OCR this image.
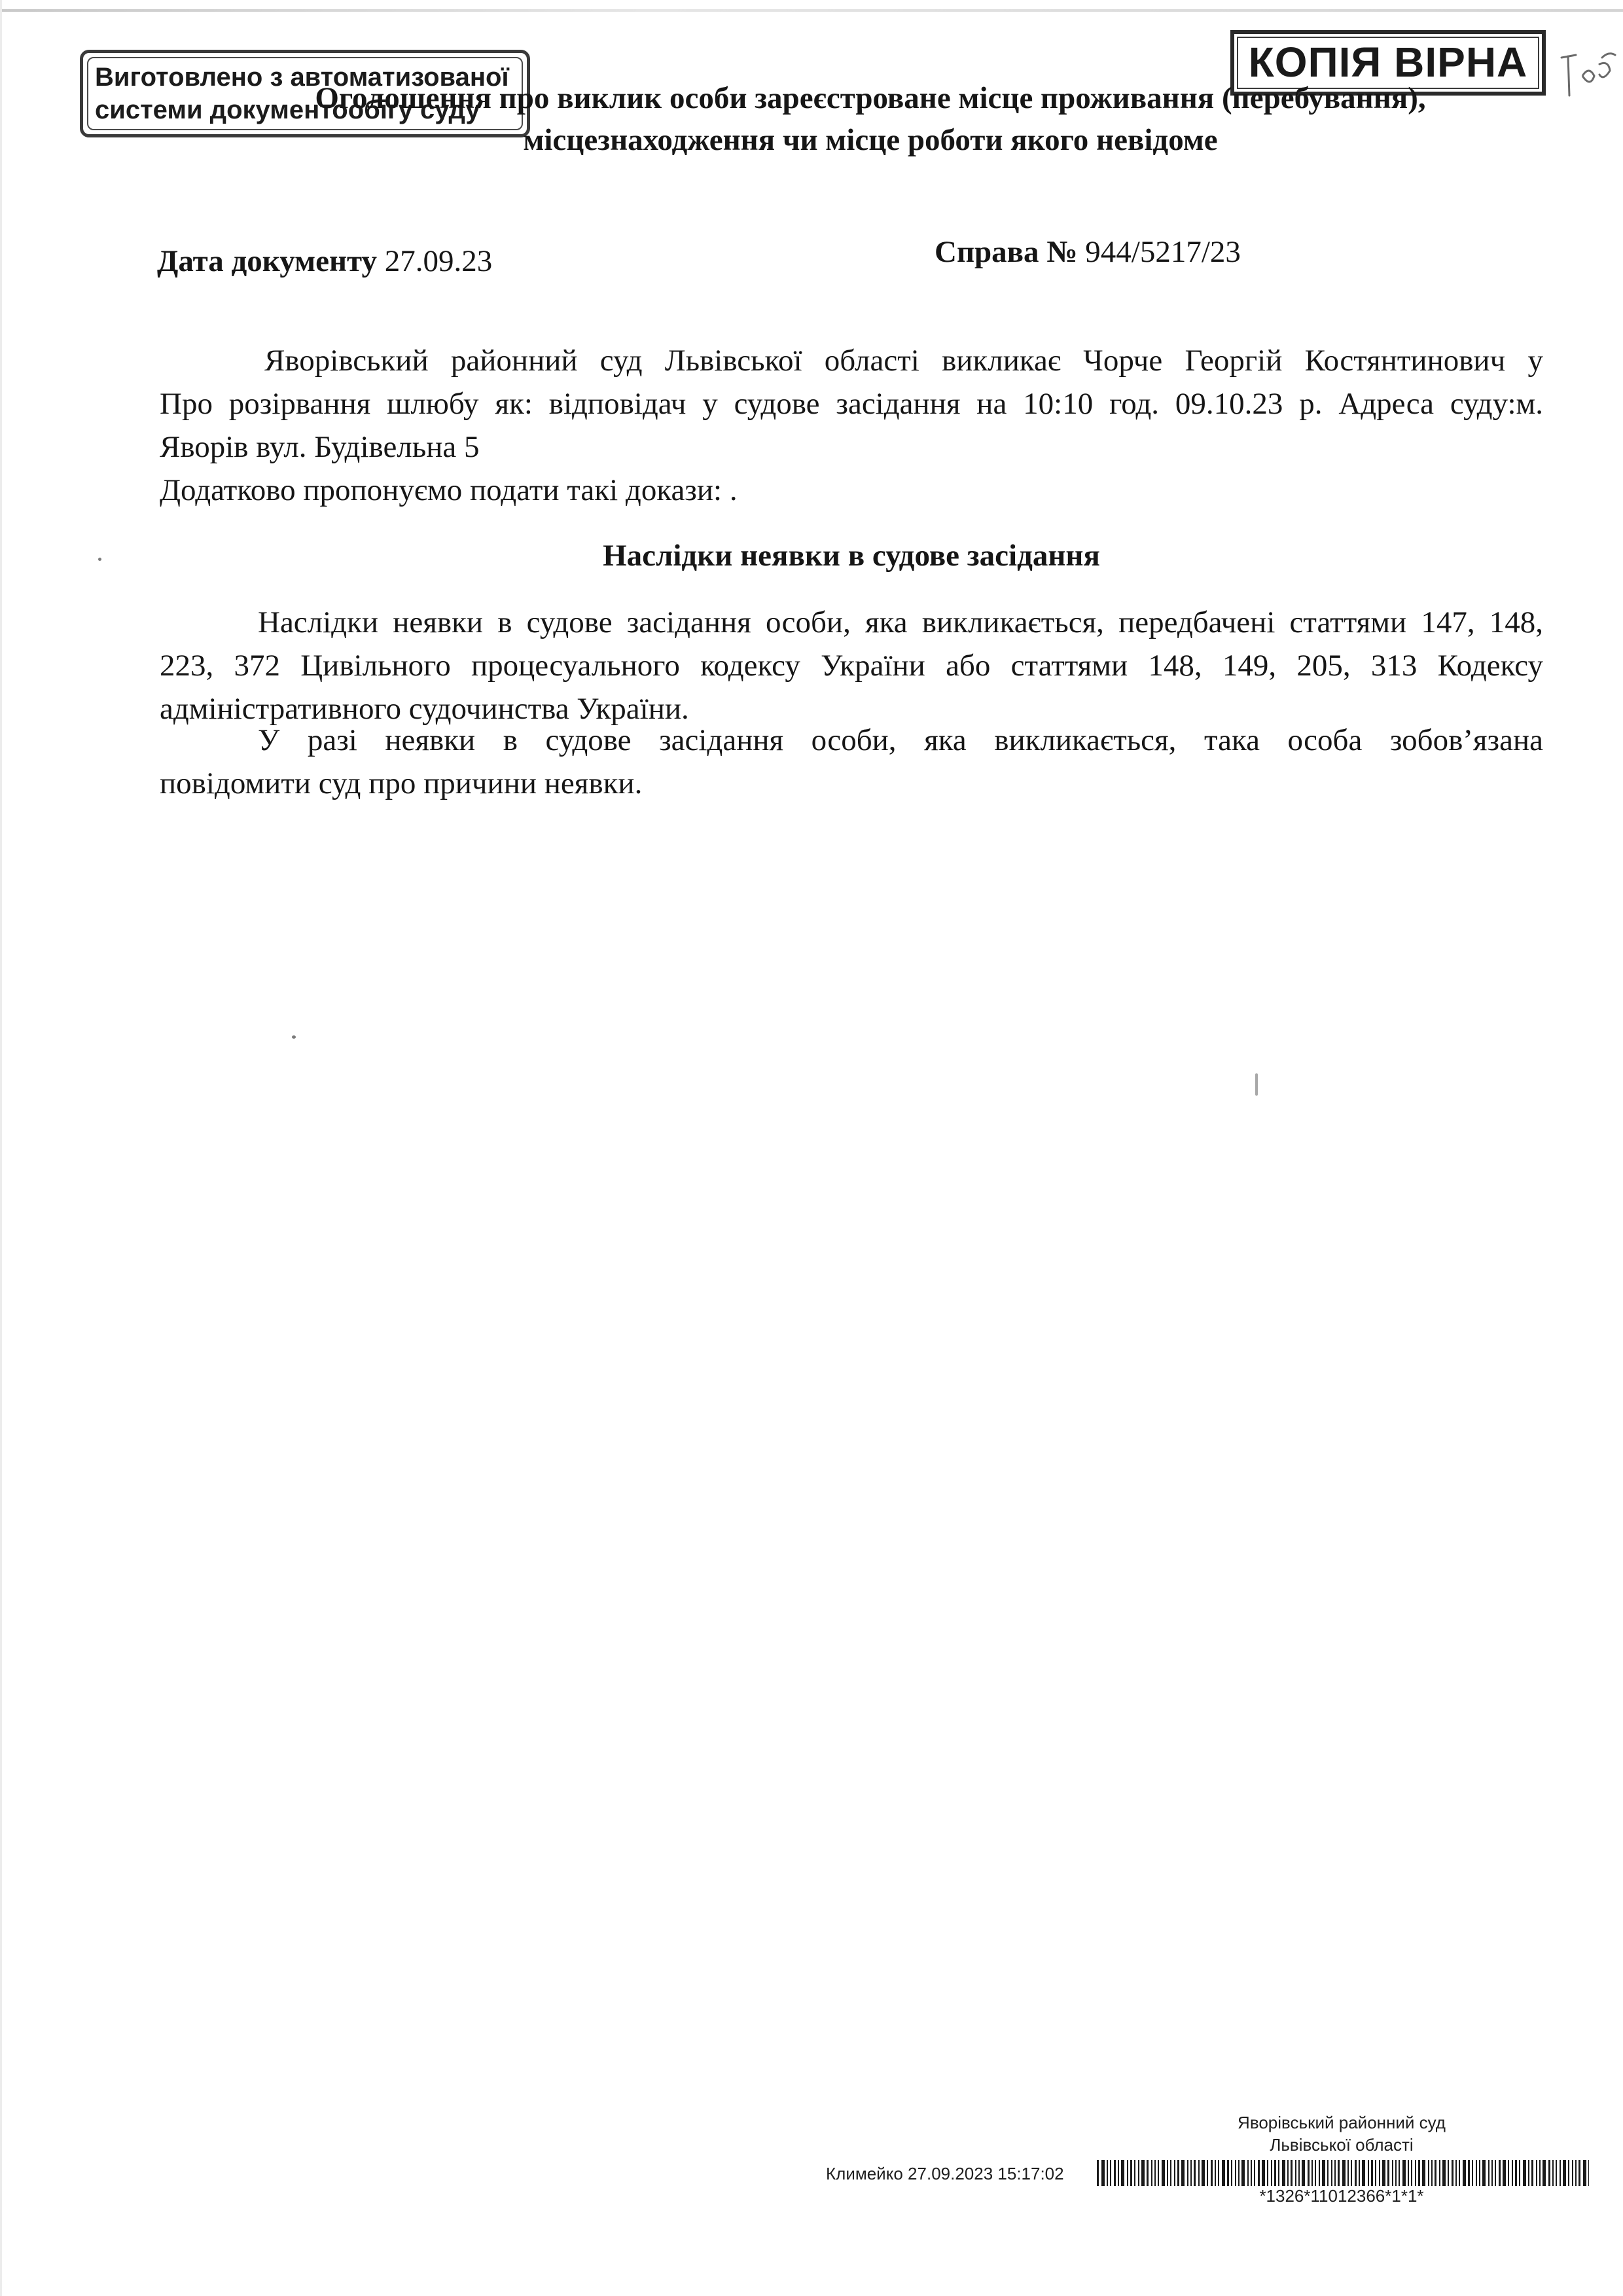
Виготовлено з автоматизованої
системи документообігу суду
КОПІЯ ВІРНА
Оголошення про виклик особи зареєстроване місце проживання (перебування),
місцезнаходження чи місце роботи якого невідоме
Дата документу 27.09.23	Справа № 944/5217/23
Яворівський районний суд Львівської області викликає Чорче Георгій Костянтинович у
Про розірвання шлюбу як: відповідач у судове засідання на 10:10 год. 09.10.23 р. Адреса суду:м.
Яворів вул. Будівельна 5
Додатково пропонуємо подати такі докази: .
Наслідки неявки в судове засідання
Наслідки неявки в судове засідання особи, яка викликається, передбачені статтями 147, 148,
223, 372 Цивільного процесуального кодексу України або статтями 148, 149, 205, 313 Кодексу
адміністративного судочинства України.
У разі неявки в судове засідання особи, яка викликається, така особа зобов’язана
повідомити суд про причини неявки.
Яворівський районний суд
Львівської області
Климейко 27.09.2023 15:17:02
*1326*11012366*1*1*
